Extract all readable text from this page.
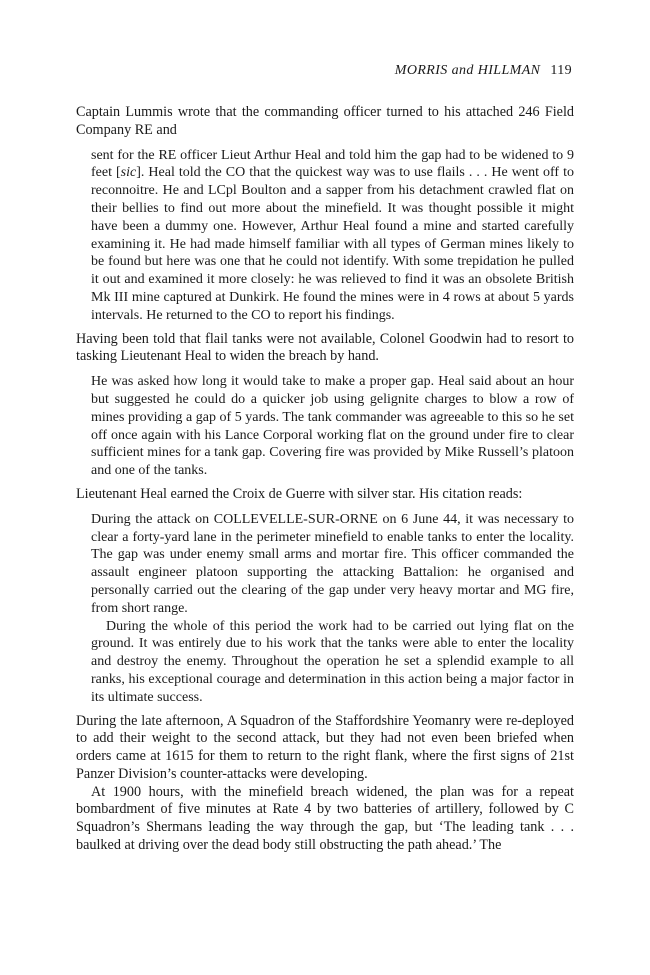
MORRIS and HILLMAN 119

Captain Lummis wrote that the commanding officer turned to his attached 246 Field Company RE and

sent for the RE officer Lieut Arthur Heal and told him the gap had to be widened to 9 feet [sic]. Heal told the CO that the quickest way was to use flails . . . He went off to reconnoitre. He and LCpl Boulton and a sapper from his detachment crawled flat on their bellies to find out more about the minefield. It was thought possible it might have been a dummy one. However, Arthur Heal found a mine and started carefully examining it. He had made himself familiar with all types of German mines likely to be found but here was one that he could not identify. With some trepidation he pulled it out and examined it more closely: he was relieved to find it was an obsolete British Mk III mine captured at Dunkirk. He found the mines were in 4 rows at about 5 yards intervals. He returned to the CO to report his findings.

Having been told that flail tanks were not available, Colonel Goodwin had to resort to tasking Lieutenant Heal to widen the breach by hand.

He was asked how long it would take to make a proper gap. Heal said about an hour but suggested he could do a quicker job using gelignite charges to blow a row of mines providing a gap of 5 yards. The tank commander was agreeable to this so he set off once again with his Lance Corporal working flat on the ground under fire to clear sufficient mines for a tank gap. Covering fire was provided by Mike Russell’s platoon and one of the tanks.

Lieutenant Heal earned the Croix de Guerre with silver star. His citation reads:

During the attack on COLLEVELLE-SUR-ORNE on 6 June 44, it was necessary to clear a forty-yard lane in the perimeter minefield to enable tanks to enter the locality. The gap was under enemy small arms and mortar fire. This officer commanded the assault engineer platoon supporting the attacking Battalion: he organised and personally carried out the clearing of the gap under very heavy mortar and MG fire, from short range.

During the whole of this period the work had to be carried out lying flat on the ground. It was entirely due to his work that the tanks were able to enter the locality and destroy the enemy. Throughout the operation he set a splendid example to all ranks, his exceptional courage and determination in this action being a major factor in its ultimate success.

During the late afternoon, A Squadron of the Staffordshire Yeomanry were re-deployed to add their weight to the second attack, but they had not even been briefed when orders came at 1615 for them to return to the right flank, where the first signs of 21st Panzer Division’s counter-attacks were developing.

At 1900 hours, with the minefield breach widened, the plan was for a repeat bombardment of five minutes at Rate 4 by two batteries of artillery, followed by C Squadron’s Shermans leading the way through the gap, but ‘The leading tank . . . baulked at driving over the dead body still obstructing the path ahead.’ The
